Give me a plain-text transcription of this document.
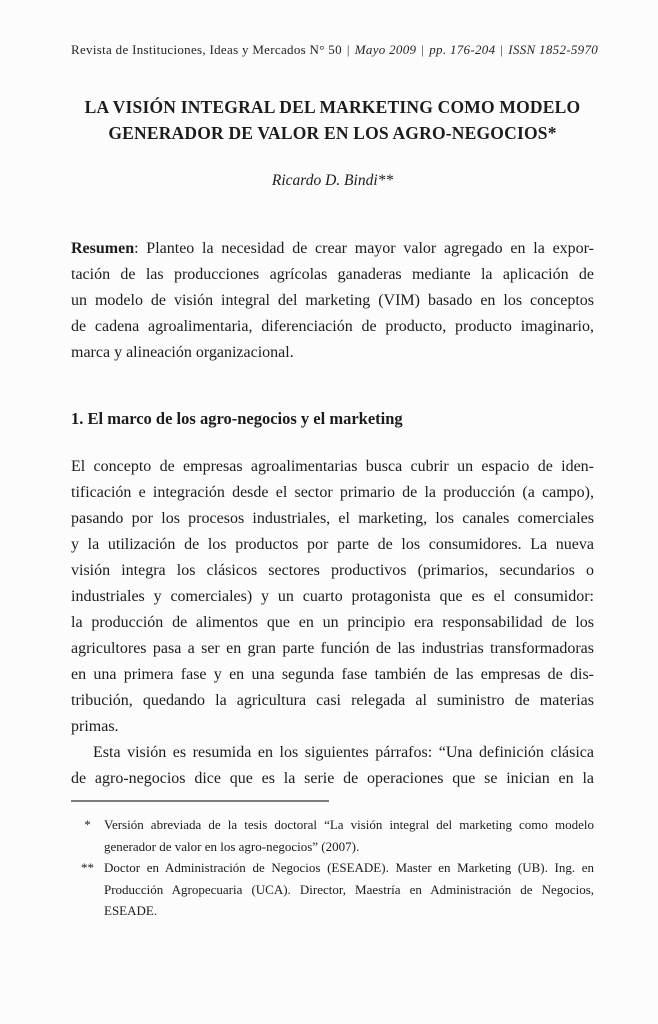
Revista de Instituciones, Ideas y Mercados N° 50 | Mayo 2009 | pp. 176-204 | ISSN 1852-5970
LA VISIÓN INTEGRAL DEL MARKETING COMO MODELO
GENERADOR DE VALOR EN LOS AGRO-NEGOCIOS*
Ricardo D. Bindi**
Resumen: Planteo la necesidad de crear mayor valor agregado en la expor-
tación de las producciones agrícolas ganaderas mediante la aplicación de
un modelo de visión integral del marketing (VIM) basado en los conceptos
de cadena agroalimentaria, diferenciación de producto, producto imaginario,
marca y alineación organizacional.
1. El marco de los agro-negocios y el marketing
El concepto de empresas agroalimentarias busca cubrir un espacio de iden-
tificación e integración desde el sector primario de la producción (a campo),
pasando por los procesos industriales, el marketing, los canales comerciales
y la utilización de los productos por parte de los consumidores. La nueva
visión integra los clásicos sectores productivos (primarios, secundarios o
industriales y comerciales) y un cuarto protagonista que es el consumidor:
la producción de alimentos que en un principio era responsabilidad de los
agricultores pasa a ser en gran parte función de las industrias transformadoras
en una primera fase y en una segunda fase también de las empresas de dis-
tribución, quedando la agricultura casi relegada al suministro de materias
primas.
Esta visión es resumida en los siguientes párrafos: “Una definición clásica
de agro-negocios dice que es la serie de operaciones que se inician en la
*	Versión abreviada de la tesis doctoral “La visión integral del marketing como modelo
generador de valor en los agro-negocios” (2007).
** Doctor en Administración de Negocios (ESEADE). Master en Marketing (UB). Ing. en
Producción Agropecuaria (UCA). Director, Maestría en Administración de Negocios, ESEADE.
